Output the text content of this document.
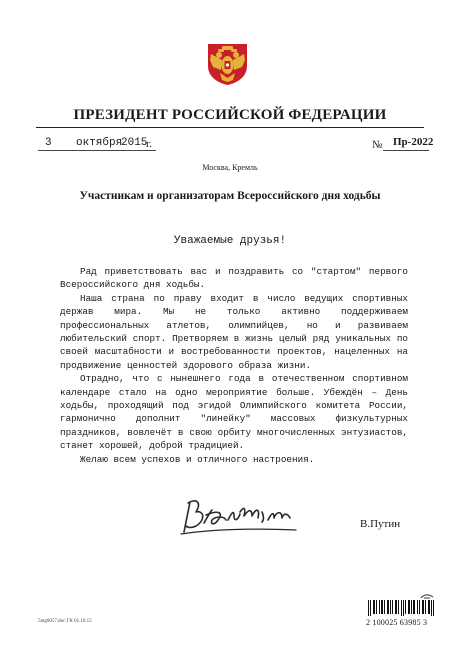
ПРЕЗИДЕНТ РОССИЙСКОЙ ФЕДЕРАЦИИ
3 октября
2015
г.	№ Пр-2022
Москва, Кремль
Участникам и организаторам Всероссийского дня ходьбы
Уважаемые друзья!

Рад приветствовать вас и поздравить со "стартом" первого Всероссийского дня ходьбы.

Наша страна по праву входит в число ведущих спортивных держав мира. Мы не только активно поддерживаем профессиональных атлетов, олимпийцев, но и развиваем любительский спорт. Претворяем в жизнь целый ряд уникальных по своей масштабности и востребованности проектов, нацеленных на продвижение ценностей здорового образа жизни.

Отрадно, что с нынешнего года в отечественном спортивном календаре стало на одно мероприятие больше. Убеждён – День ходьбы, проходящий под эгидой Олимпийского комитета России, гармонично дополнит "линейку" массовых физкультурных праздников, вовлечёт в свою орбиту многочисленных энтузиастов, станет хорошей, доброй традицией.

Желаю всем успехов и отличного настроения.

В.Путин
5mg0057.doc ГК 01.10.15	2 100025 63985 3
